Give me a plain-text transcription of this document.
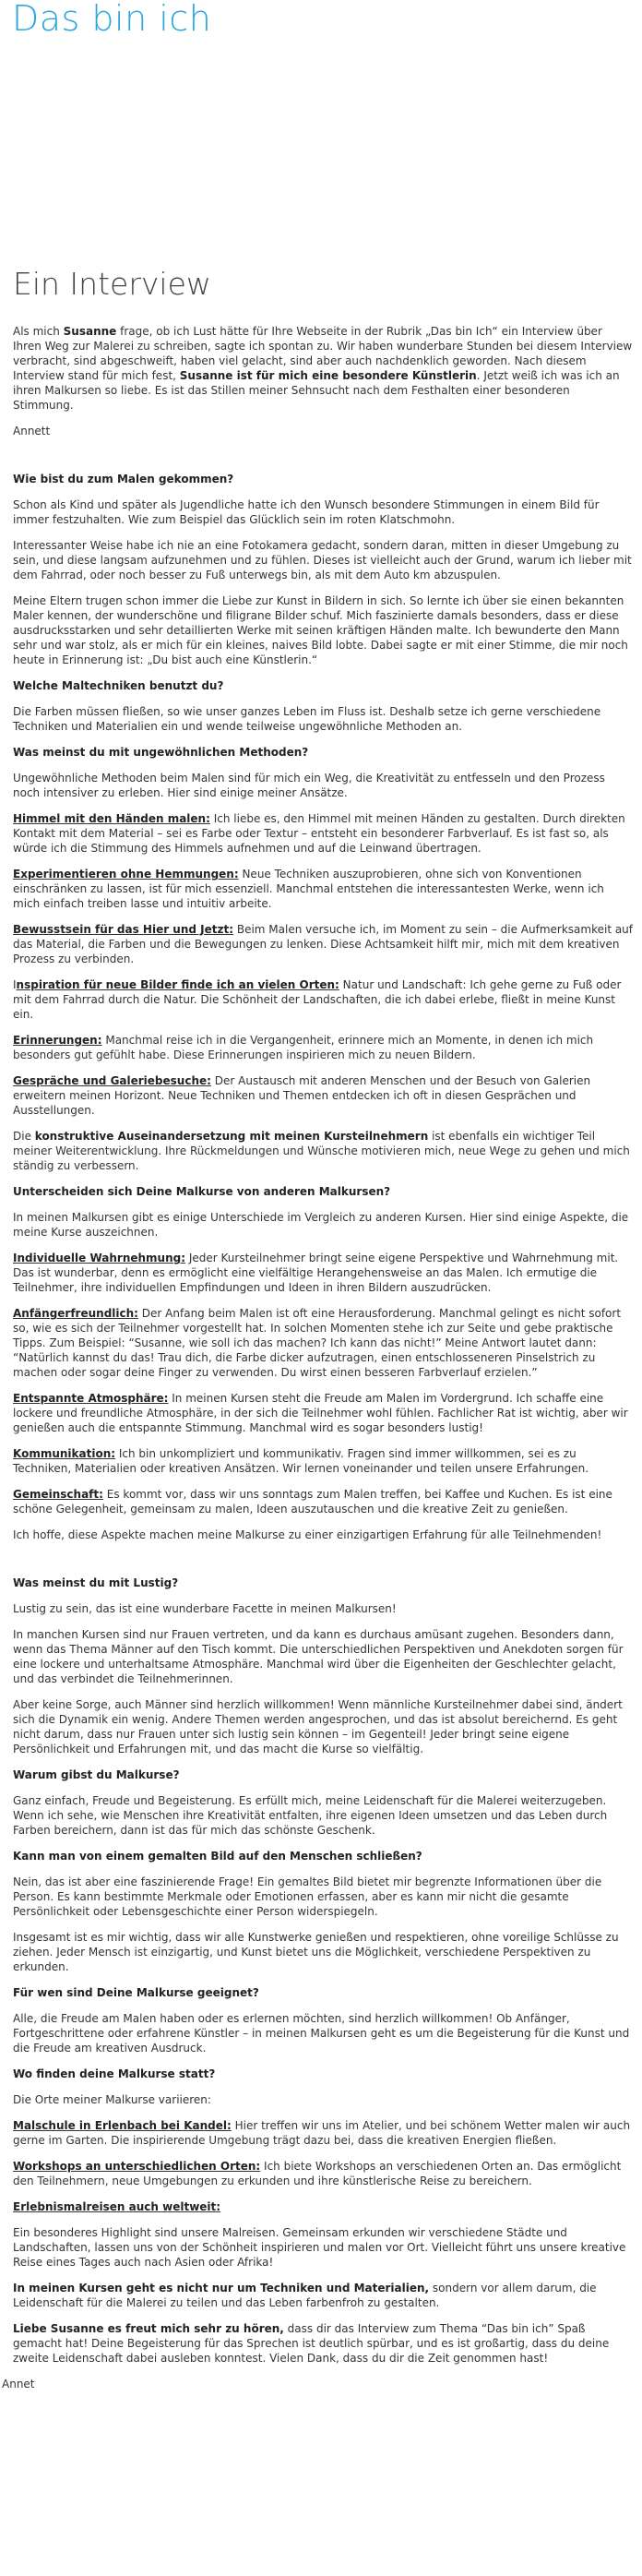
Das bin ich
Ein Interview

Als mich Susanne frage, ob ich Lust hätte für Ihre Webseite in der Rubrik „Das bin Ich“ ein Interview über Ihren Weg zur Malerei zu schreiben, sagte ich spontan zu. Wir haben wunderbare Stunden bei diesem Interview verbracht, sind abgeschweift, haben viel gelacht, sind aber auch nachdenklich geworden. Nach diesem Interview stand für mich fest, Susanne ist für mich eine besondere Künstlerin. Jetzt weiß ich was ich an ihren Malkursen so liebe. Es ist das Stillen meiner Sehnsucht nach dem Festhalten einer besonderen Stimmung.

Annett

Wie bist du zum Malen gekommen?

Schon als Kind und später als Jugendliche hatte ich den Wunsch besondere Stimmungen in einem Bild für immer festzuhalten. Wie zum Beispiel das Glücklich sein im roten Klatschmohn.

Interessanter Weise habe ich nie an eine Fotokamera gedacht, sondern daran, mitten in dieser Umgebung zu sein, und diese langsam aufzunehmen und zu fühlen. Dieses ist vielleicht auch der Grund, warum ich lieber mit dem Fahrrad, oder noch besser zu Fuß unterwegs bin, als mit dem Auto km abzuspulen.

Meine Eltern trugen schon immer die Liebe zur Kunst in Bildern in sich. So lernte ich über sie einen bekannten Maler kennen, der wunderschöne und filigrane Bilder schuf. Mich faszinierte damals besonders, dass er diese ausdrucksstarken und sehr detaillierten Werke mit seinen kräftigen Händen malte. Ich bewunderte den Mann sehr und war stolz, als er mich für ein kleines, naives Bild lobte. Dabei sagte er mit einer Stimme, die mir noch heute in Erinnerung ist: „Du bist auch eine Künstlerin.“

Welche Maltechniken benutzt du?

Die Farben müssen fließen, so wie unser ganzes Leben im Fluss ist. Deshalb setze ich gerne verschiedene Techniken und Materialien ein und wende teilweise ungewöhnliche Methoden an.

Was meinst du mit ungewöhnlichen Methoden?

Ungewöhnliche Methoden beim Malen sind für mich ein Weg, die Kreativität zu entfesseln und den Prozess noch intensiver zu erleben. Hier sind einige meiner Ansätze.

Himmel mit den Händen malen: Ich liebe es, den Himmel mit meinen Händen zu gestalten. Durch direkten Kontakt mit dem Material – sei es Farbe oder Textur – entsteht ein besonderer Farbverlauf. Es ist fast so, als würde ich die Stimmung des Himmels aufnehmen und auf die Leinwand übertragen.

Experimentieren ohne Hemmungen: Neue Techniken auszuprobieren, ohne sich von Konventionen einschränken zu lassen, ist für mich essenziell. Manchmal entstehen die interessantesten Werke, wenn ich mich einfach treiben lasse und intuitiv arbeite.

Bewusstsein für das Hier und Jetzt: Beim Malen versuche ich, im Moment zu sein – die Aufmerksamkeit auf das Material, die Farben und die Bewegungen zu lenken. Diese Achtsamkeit hilft mir, mich mit dem kreativen Prozess zu verbinden.

Inspiration für neue Bilder finde ich an vielen Orten: Natur und Landschaft: Ich gehe gerne zu Fuß oder mit dem Fahrrad durch die Natur. Die Schönheit der Landschaften, die ich dabei erlebe, fließt in meine Kunst ein.

Erinnerungen: Manchmal reise ich in die Vergangenheit, erinnere mich an Momente, in denen ich mich besonders gut gefühlt habe. Diese Erinnerungen inspirieren mich zu neuen Bildern.

Gespräche und Galeriebesuche: Der Austausch mit anderen Menschen und der Besuch von Galerien erweitern meinen Horizont. Neue Techniken und Themen entdecken ich oft in diesen Gesprächen und Ausstellungen.

Die konstruktive Auseinandersetzung mit meinen Kursteilnehmern ist ebenfalls ein wichtiger Teil meiner Weiterentwicklung. Ihre Rückmeldungen und Wünsche motivieren mich, neue Wege zu gehen und mich ständig zu verbessern.

Unterscheiden sich Deine Malkurse von anderen Malkursen?

In meinen Malkursen gibt es einige Unterschiede im Vergleich zu anderen Kursen. Hier sind einige Aspekte, die meine Kurse auszeichnen.

Individuelle Wahrnehmung: Jeder Kursteilnehmer bringt seine eigene Perspektive und Wahrnehmung mit. Das ist wunderbar, denn es ermöglicht eine vielfältige Herangehensweise an das Malen. Ich ermutige die Teilnehmer, ihre individuellen Empfindungen und Ideen in ihren Bildern auszudrücken.

Anfängerfreundlich: Der Anfang beim Malen ist oft eine Herausforderung. Manchmal gelingt es nicht sofort so, wie es sich der Teilnehmer vorgestellt hat. In solchen Momenten stehe ich zur Seite und gebe praktische Tipps. Zum Beispiel: “Susanne, wie soll ich das machen? Ich kann das nicht!” Meine Antwort lautet dann: “Natürlich kannst du das! Trau dich, die Farbe dicker aufzutragen, einen entschlosseneren Pinselstrich zu machen oder sogar deine Finger zu verwenden. Du wirst einen besseren Farbverlauf erzielen.”

Entspannte Atmosphäre: In meinen Kursen steht die Freude am Malen im Vordergrund. Ich schaffe eine lockere und freundliche Atmosphäre, in der sich die Teilnehmer wohl fühlen. Fachlicher Rat ist wichtig, aber wir genießen auch die entspannte Stimmung. Manchmal wird es sogar besonders lustig!

Kommunikation: Ich bin unkompliziert und kommunikativ. Fragen sind immer willkommen, sei es zu Techniken, Materialien oder kreativen Ansätzen. Wir lernen voneinander und teilen unsere Erfahrungen.

Gemeinschaft: Es kommt vor, dass wir uns sonntags zum Malen treffen, bei Kaffee und Kuchen. Es ist eine schöne Gelegenheit, gemeinsam zu malen, Ideen auszutauschen und die kreative Zeit zu genießen.

Ich hoffe, diese Aspekte machen meine Malkurse zu einer einzigartigen Erfahrung für alle Teilnehmenden!

Was meinst du mit Lustig?

Lustig zu sein, das ist eine wunderbare Facette in meinen Malkursen!

In manchen Kursen sind nur Frauen vertreten, und da kann es durchaus amüsant zugehen. Besonders dann, wenn das Thema Männer auf den Tisch kommt. Die unterschiedlichen Perspektiven und Anekdoten sorgen für eine lockere und unterhaltsame Atmosphäre. Manchmal wird über die Eigenheiten der Geschlechter gelacht, und das verbindet die Teilnehmerinnen.

Aber keine Sorge, auch Männer sind herzlich willkommen! Wenn männliche Kursteilnehmer dabei sind, ändert sich die Dynamik ein wenig. Andere Themen werden angesprochen, und das ist absolut bereichernd. Es geht nicht darum, dass nur Frauen unter sich lustig sein können – im Gegenteil! Jeder bringt seine eigene Persönlichkeit und Erfahrungen mit, und das macht die Kurse so vielfältig.

Warum gibst du Malkurse?

Ganz einfach, Freude und Begeisterung. Es erfüllt mich, meine Leidenschaft für die Malerei weiterzugeben. Wenn ich sehe, wie Menschen ihre Kreativität entfalten, ihre eigenen Ideen umsetzen und das Leben durch Farben bereichern, dann ist das für mich das schönste Geschenk.

Kann man von einem gemalten Bild auf den Menschen schließen?

Nein, das ist aber eine faszinierende Frage! Ein gemaltes Bild bietet mir begrenzte Informationen über die Person. Es kann bestimmte Merkmale oder Emotionen erfassen, aber es kann mir nicht die gesamte Persönlichkeit oder Lebensgeschichte einer Person widerspiegeln.

Insgesamt ist es mir wichtig, dass wir alle Kunstwerke genießen und respektieren, ohne voreilige Schlüsse zu ziehen. Jeder Mensch ist einzigartig, und Kunst bietet uns die Möglichkeit, verschiedene Perspektiven zu erkunden.

Für wen sind Deine Malkurse geeignet?

Alle, die Freude am Malen haben oder es erlernen möchten, sind herzlich willkommen! Ob Anfänger, Fortgeschrittene oder erfahrene Künstler – in meinen Malkursen geht es um die Begeisterung für die Kunst und die Freude am kreativen Ausdruck.

Wo finden deine Malkurse statt?

Die Orte meiner Malkurse variieren:

Malschule in Erlenbach bei Kandel: Hier treffen wir uns im Atelier, und bei schönem Wetter malen wir auch gerne im Garten. Die inspirierende Umgebung trägt dazu bei, dass die kreativen Energien fließen.

Workshops an unterschiedlichen Orten: Ich biete Workshops an verschiedenen Orten an. Das ermöglicht den Teilnehmern, neue Umgebungen zu erkunden und ihre künstlerische Reise zu bereichern.

Erlebnismalreisen auch weltweit:

Ein besonderes Highlight sind unsere Malreisen. Gemeinsam erkunden wir verschiedene Städte und Landschaften, lassen uns von der Schönheit inspirieren und malen vor Ort. Vielleicht führt uns unsere kreative Reise eines Tages auch nach Asien oder Afrika!

In meinen Kursen geht es nicht nur um Techniken und Materialien, sondern vor allem darum, die Leidenschaft für die Malerei zu teilen und das Leben farbenfroh zu gestalten.

Liebe Susanne es freut mich sehr zu hören, dass dir das Interview zum Thema “Das bin ich” Spaß gemacht hat! Deine Begeisterung für das Sprechen ist deutlich spürbar, und es ist großartig, dass du deine zweite Leidenschaft dabei ausleben konntest. Vielen Dank, dass du dir die Zeit genommen hast!

Annet
